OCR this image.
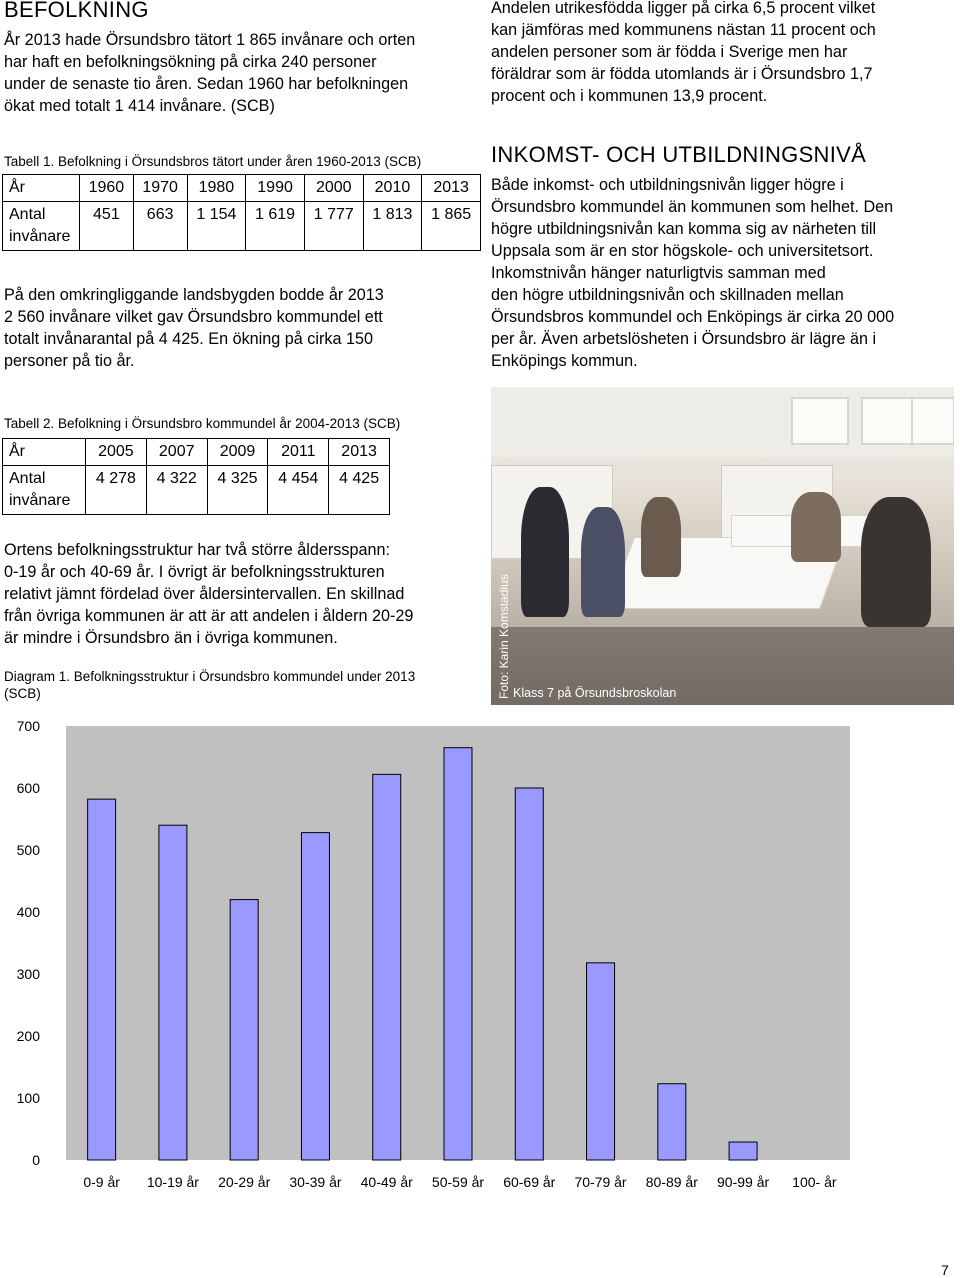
BEFOLKNING
År 2013 hade Örsundsbro tätort 1 865 invånare och orten
har haft en befolkningsökning på cirka 240 personer
under de senaste tio åren. Sedan 1960 har befolkningen
ökat med totalt 1 414 invånare. (SCB)
Tabell 1. Befolkning i Örsundsbros tätort under åren 1960-2013 (SCB)
År	1960	1970	1980	1990	2000	2010	2013

Antal
invånare	451	663	1 154	1 619	1 777	1 813	1 865
På den omkringliggande landsbygden bodde år 2013
2 560 invånare vilket gav Örsundsbro kommundel ett
totalt invånarantal på 4 425. En ökning på cirka 150
personer på tio år.
Tabell 2. Befolkning i Örsundsbro kommundel år 2004-2013 (SCB)
År	2005	2007	2009	2011	2013

Antal
invånare	4 278	4 322	4 325	4 454	4 425
Ortens befolkningsstruktur har två större åldersspann:
0-19 år och 40-69 år. I övrigt är befolkningsstrukturen
relativt jämnt fördelad över åldersintervallen. En skillnad
från övriga kommunen är att är att andelen i åldern 20-29
är mindre i Örsundsbro än i övriga kommunen.
Diagram 1. Befolkningsstruktur i Örsundsbro kommundel under 2013
(SCB)
Andelen utrikesfödda ligger på cirka 6,5 procent vilket
kan jämföras med kommunens nästan 11 procent och
andelen personer som är födda i Sverige men har
föräldrar som är födda utomlands är i Örsundsbro 1,7
procent och i kommunen 13,9 procent.
INKOMST- OCH UTBILDNINGSNIVÅ
Både inkomst- och utbildningsnivån ligger högre i
Örsundsbro kommundel än kommunen som helhet. Den
högre utbildningsnivån kan komma sig av närheten till
Uppsala som är en stor högskole- och universitetsort.
Inkomstnivån hänger naturligtvis samman med
den högre utbildningsnivån och skillnaden mellan
Örsundsbros kommundel och Enköpings är cirka 20 000
per år. Även arbetslösheten i Örsundsbro är lägre än i
Enköpings kommun.
Foto: Karin Komstadius Klass 7 på Örsundsbroskolan
0
100
200
300
400
500
600
700
0-9 år 10-19 år 20-29 år 30-39 år 40-49 år 50-59 år 60-69 år 70-79 år 80-89 år 90-99 år 100- år
7
